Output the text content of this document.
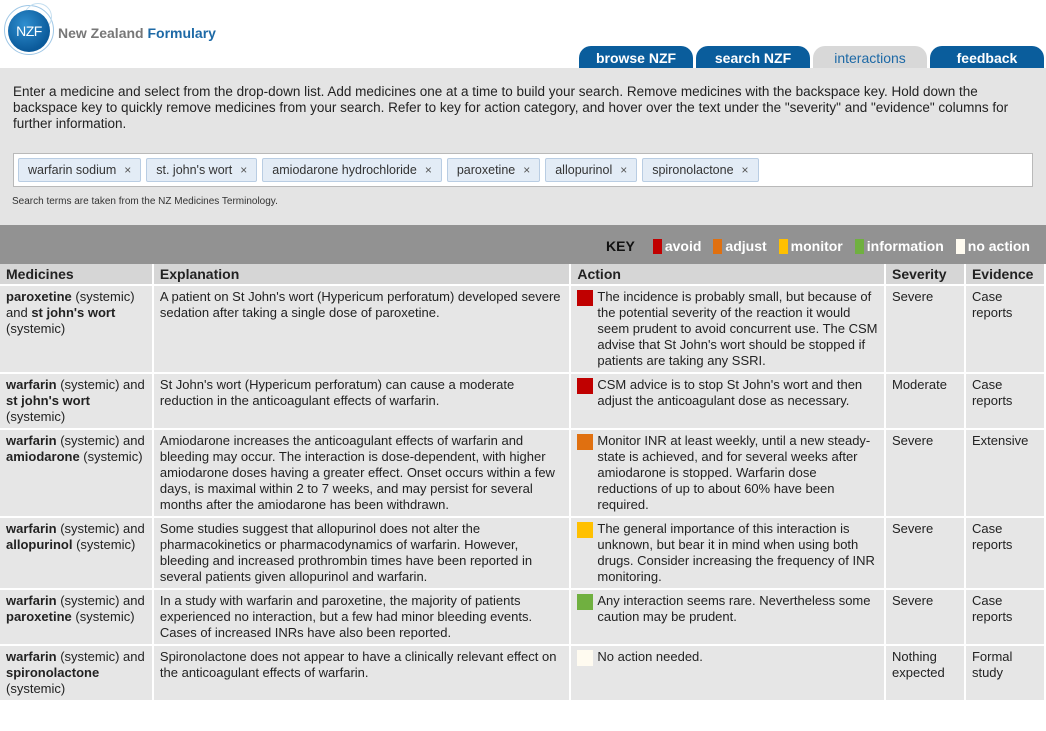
NZF	New Zealand Formulary
browse NZF	search NZF	interactions	feedback

Enter a medicine and select from the drop-down list. Add medicines one at a time to build your search. Remove medicines with the backspace key. Hold down the backspace key to quickly remove medicines from your search. Refer to key for action category, and hover over the text under the "severity" and "evidence" columns for further information.

warfarin sodium × st. john's wort × amiodarone hydrochloride × paroxetine × allopurinol × spironolactone ×
Search terms are taken from the NZ Medicines Terminology.
KEY avoid adjust monitor information no action
Medicines	Explanation	Action	Severity	Evidence
paroxetine (systemic) and st john's wort (systemic)	A patient on St John's wort (Hypericum perforatum) developed severe sedation after taking a single dose of paroxetine.	The incidence is probably small, but because of the potential severity of the reaction it would seem prudent to avoid concurrent use. The CSM advise that St John's wort should be stopped if patients are taking any SSRI.	Severe	Case reports
warfarin (systemic) and st john's wort (systemic)	St John's wort (Hypericum perforatum) can cause a moderate reduction in the anticoagulant effects of warfarin.	CSM advice is to stop St John's wort and then adjust the anticoagulant dose as necessary.	Moderate	Case reports
warfarin (systemic) and amiodarone (systemic)	Amiodarone increases the anticoagulant effects of warfarin and bleeding may occur. The interaction is dose-dependent, with higher amiodarone doses having a greater effect. Onset occurs within a few days, is maximal within 2 to 7 weeks, and may persist for several months after the amiodarone has been withdrawn.	Monitor INR at least weekly, until a new steady-state is achieved, and for several weeks after amiodarone is stopped. Warfarin dose reductions of up to about 60% have been required.	Severe	Extensive
warfarin (systemic) and allopurinol (systemic)	Some studies suggest that allopurinol does not alter the pharmacokinetics or pharmacodynamics of warfarin. However, bleeding and increased prothrombin times have been reported in several patients given allopurinol and warfarin.	The general importance of this interaction is unknown, but bear it in mind when using both drugs. Consider increasing the frequency of INR monitoring.	Severe	Case reports
warfarin (systemic) and paroxetine (systemic)	In a study with warfarin and paroxetine, the majority of patients experienced no interaction, but a few had minor bleeding events. Cases of increased INRs have also been reported.	Any interaction seems rare. Nevertheless some caution may be prudent.	Severe	Case reports
warfarin (systemic) and spironolactone (systemic)	Spironolactone does not appear to have a clinically relevant effect on the anticoagulant effects of warfarin.	No action needed.	Nothing expected	Formal study
